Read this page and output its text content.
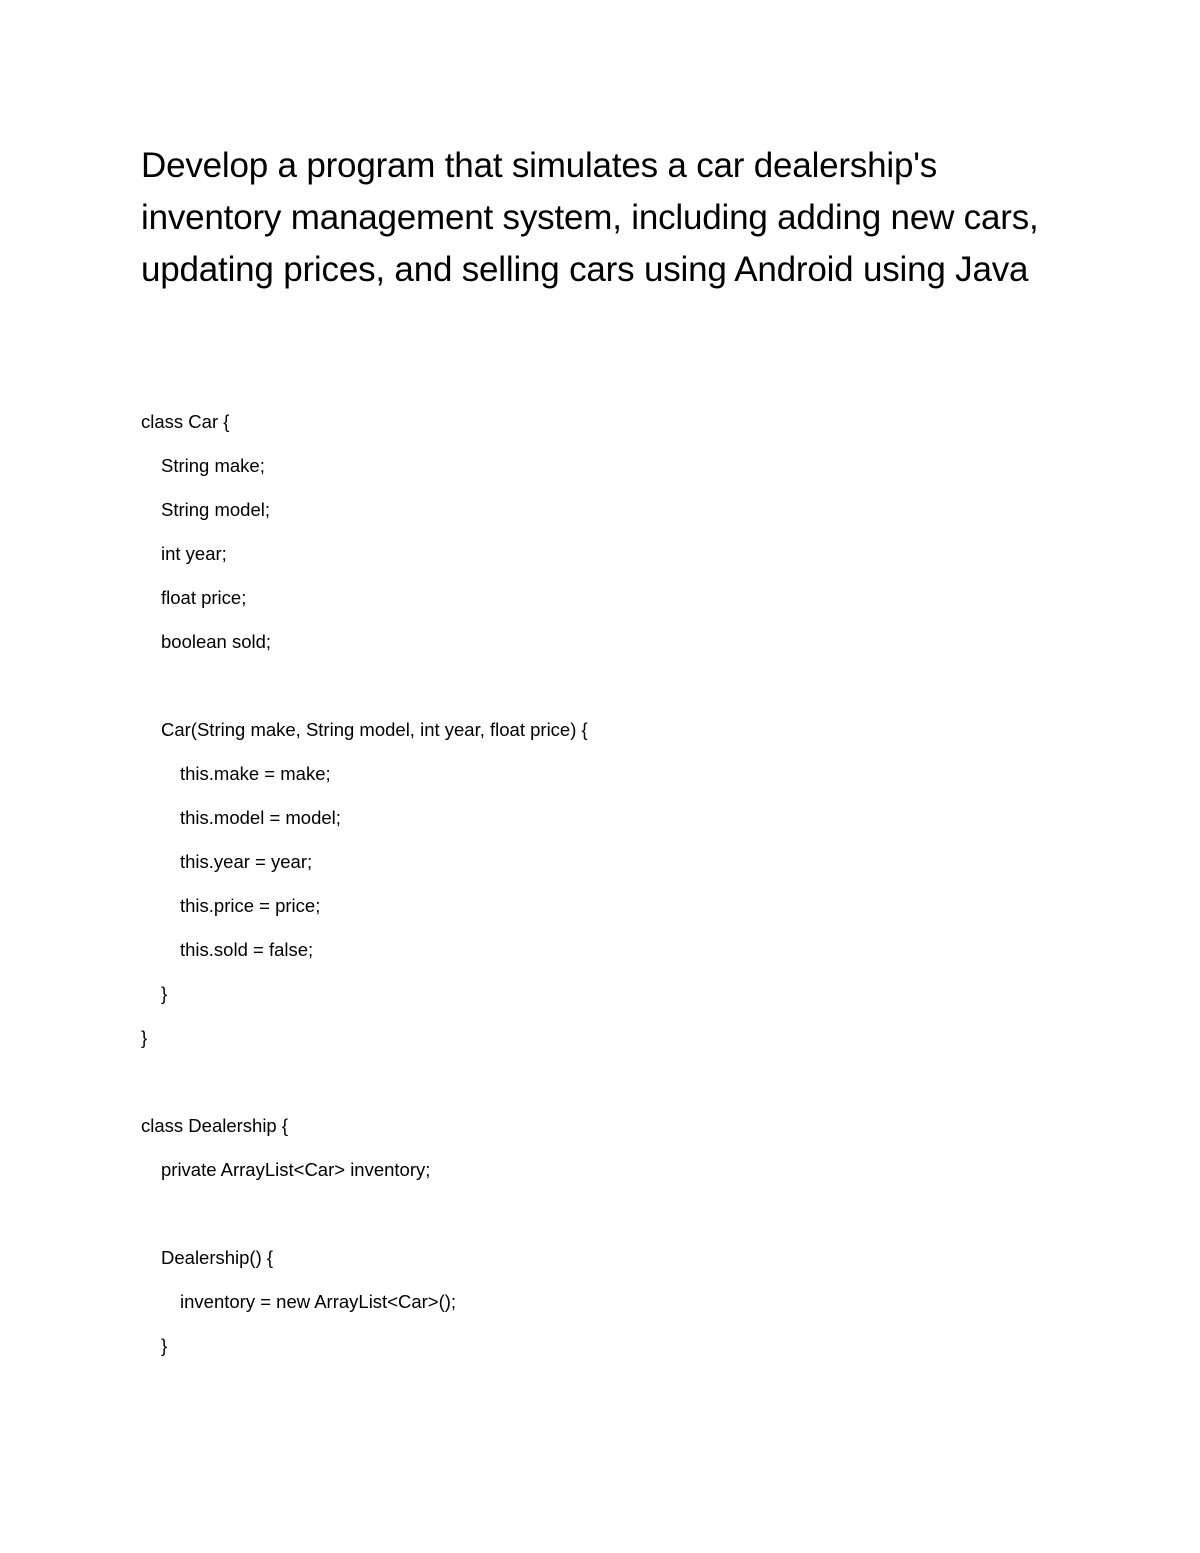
Develop a program that simulates a car dealership's inventory management system, including adding new cars, updating prices, and selling cars using Android using Java
class Car {
String make;
String model;
int year;
float price;
boolean sold;
Car(String make, String model, int year, float price) {
this.make = make;
this.model = model;
this.year = year;
this.price = price;
this.sold = false;
}
}
class Dealership {
private ArrayList<Car> inventory;
Dealership() {
inventory = new ArrayList<Car>();
}
